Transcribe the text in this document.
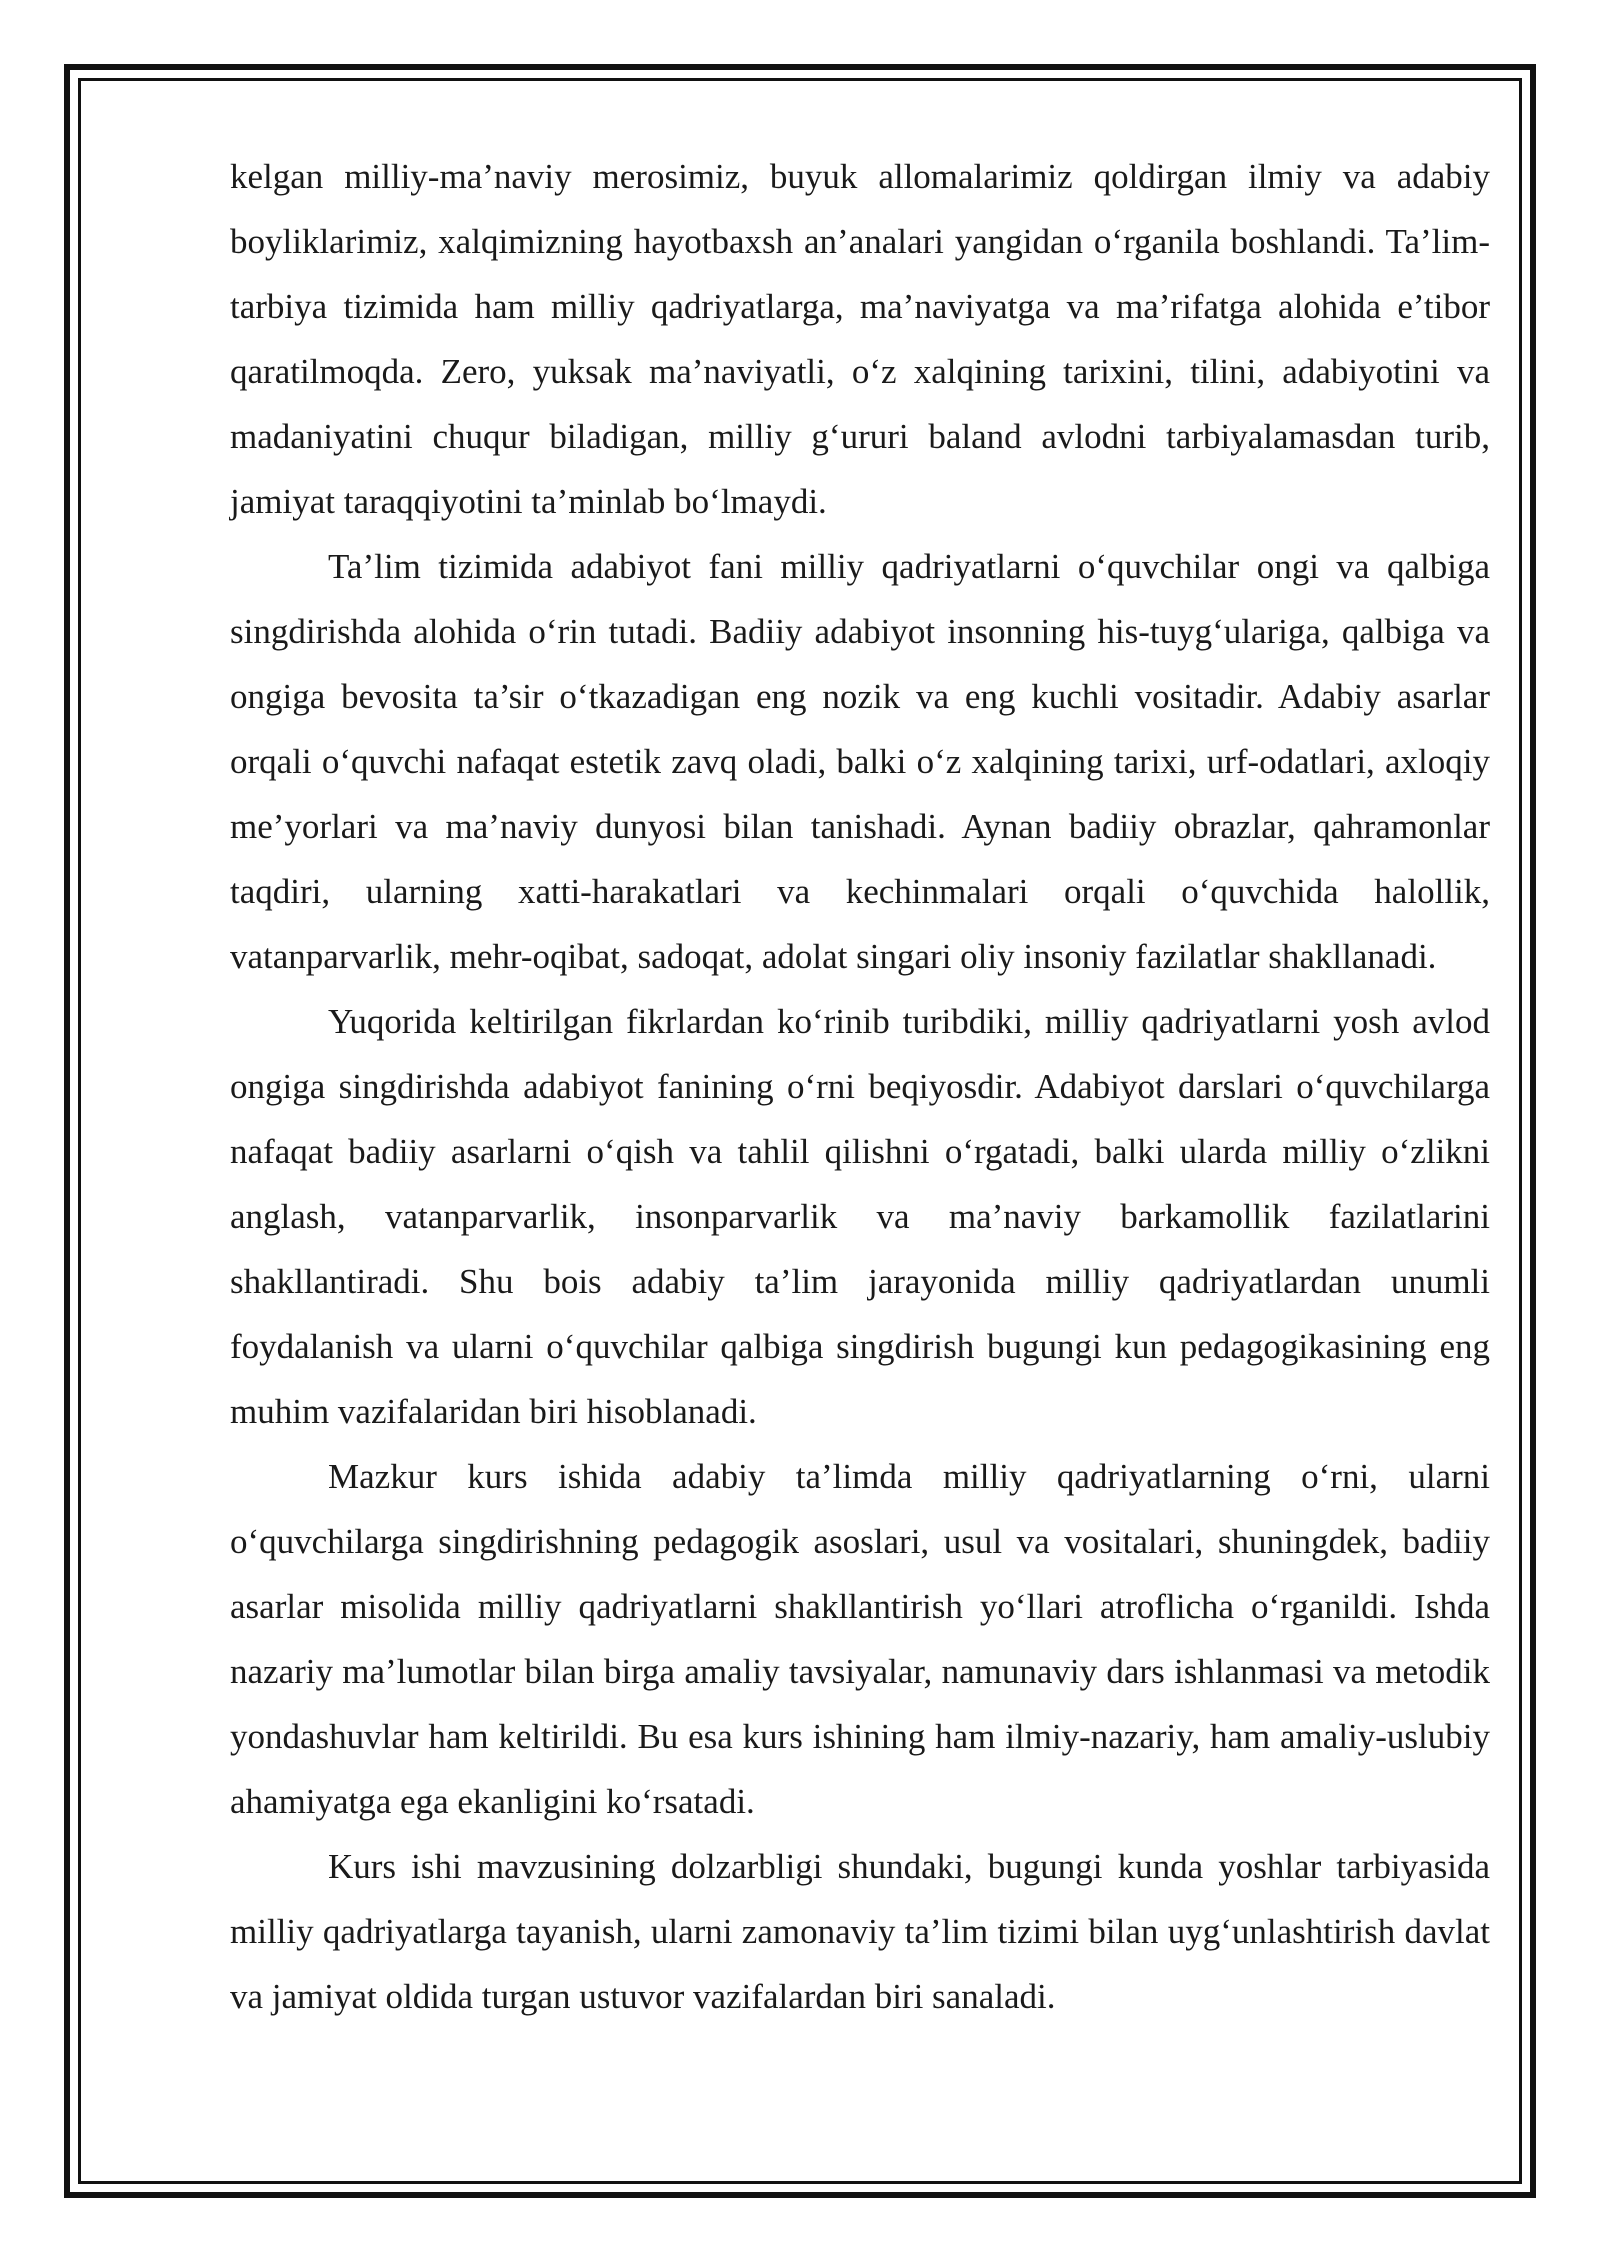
kelgan milliy-ma’naviy merosimiz, buyuk allomalarimiz qoldirgan ilmiy va adabiy boyliklarimiz, xalqimizning hayotbaxsh an’analari yangidan o‘rganila boshlandi. Ta’lim-tarbiya tizimida ham milliy qadriyatlarga, ma’naviyatga va ma’rifatga alohida e’tibor qaratilmoqda. Zero, yuksak ma’naviyatli, o‘z xalqining tarixini, tilini, adabiyotini va madaniyatini chuqur biladigan, milliy g‘ururi baland avlodni tarbiyalamasdan turib, jamiyat taraqqiyotini ta’minlab bo‘lmaydi.

Ta’lim tizimida adabiyot fani milliy qadriyatlarni o‘quvchilar ongi va qalbiga singdirishda alohida o‘rin tutadi. Badiiy adabiyot insonning his-tuyg‘ulariga, qalbiga va ongiga bevosita ta’sir o‘tkazadigan eng nozik va eng kuchli vositadir. Adabiy asarlar orqali o‘quvchi nafaqat estetik zavq oladi, balki o‘z xalqining tarixi, urf-odatlari, axloqiy me’yorlari va ma’naviy dunyosi bilan tanishadi. Aynan badiiy obrazlar, qahramonlar taqdiri, ularning xatti-harakatlari va kechinmalari orqali o‘quvchida halollik, vatanparvarlik, mehr-oqibat, sadoqat, adolat singari oliy insoniy fazilatlar shakllanadi.

Yuqorida keltirilgan fikrlardan ko‘rinib turibdiki, milliy qadriyatlarni yosh avlod ongiga singdirishda adabiyot fanining o‘rni beqiyosdir. Adabiyot darslari o‘quvchilarga nafaqat badiiy asarlarni o‘qish va tahlil qilishni o‘rgatadi, balki ularda milliy o‘zlikni anglash, vatanparvarlik, insonparvarlik va ma’naviy barkamollik fazilatlarini shakllantiradi. Shu bois adabiy ta’lim jarayonida milliy qadriyatlardan unumli foydalanish va ularni o‘quvchilar qalbiga singdirish bugungi kun pedagogikasining eng muhim vazifalaridan biri hisoblanadi.

Mazkur kurs ishida adabiy ta’limda milliy qadriyatlarning o‘rni, ularni o‘quvchilarga singdirishning pedagogik asoslari, usul va vositalari, shuningdek, badiiy asarlar misolida milliy qadriyatlarni shakllantirish yo‘llari atroflicha o‘rganildi. Ishda nazariy ma’lumotlar bilan birga amaliy tavsiyalar, namunaviy dars ishlanmasi va metodik yondashuvlar ham keltirildi. Bu esa kurs ishining ham ilmiy-nazariy, ham amaliy-uslubiy ahamiyatga ega ekanligini ko‘rsatadi.

Kurs ishi mavzusining dolzarbligi shundaki, bugungi kunda yoshlar tarbiyasida milliy qadriyatlarga tayanish, ularni zamonaviy ta’lim tizimi bilan uyg‘unlashtirish davlat va jamiyat oldida turgan ustuvor vazifalardan biri sanaladi.
